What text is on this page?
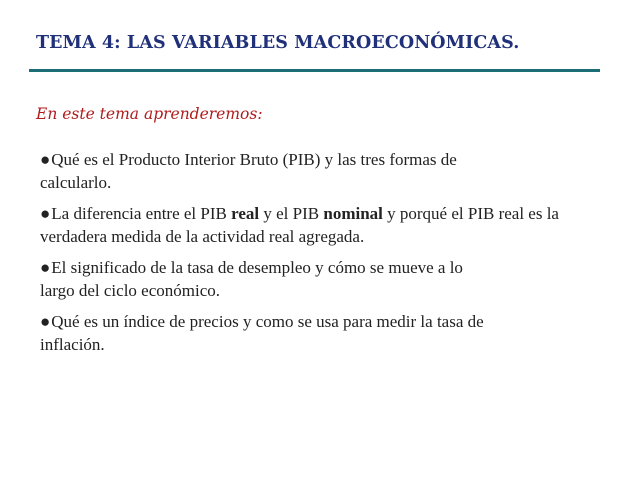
TEMA 4: LAS VARIABLES MACROECONÓMICAS.

En este tema aprenderemos:

●Qué es el Producto Interior Bruto (PIB) y las tres formas de
calcularlo.
●La diferencia entre el PIB real y el PIB nominal y porqué el PIB real es la verdadera medida de la actividad real agregada.
●El significado de la tasa de desempleo y cómo se mueve a lo
largo del ciclo económico.
●Qué es un índice de precios y como se usa para medir la tasa de
inflación.
